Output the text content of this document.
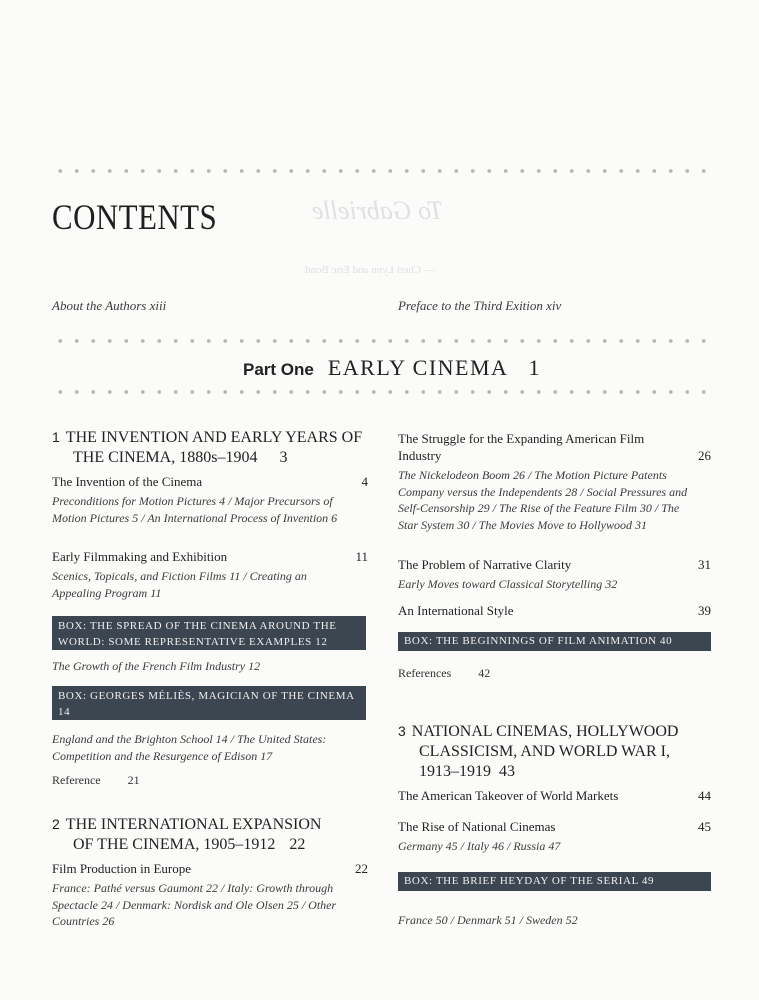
To Gabrielle
— Cheri Lynn and Eric Bond
CONTENTS
About the Authors xiii	Preface to the Third Exition xiv
Part One EARLY CINEMA 1
1 THE INVENTION AND EARLY YEARS OF
THE CINEMA, 1880s–1904 3
The Invention of the Cinema	4
Preconditions for Motion Pictures 4 / Major Precursors of Motion Pictures 5 / An International Process of Invention 6
Early Filmmaking and Exhibition	11
Scenics, Topicals, and Fiction Films 11 / Creating an Appealing Program 11
BOX: THE SPREAD OF THE CINEMA AROUND THE WORLD: SOME REPRESENTATIVE EXAMPLES 12
The Growth of the French Film Industry 12
BOX: GEORGES MÉLIÈS, MAGICIAN OF THE CINEMA 14
England and the Brighton School 14 / The United States: Competition and the Resurgence of Edison 17
Reference 21
2 THE INTERNATIONAL EXPANSION
OF THE CINEMA, 1905–1912 22
Film Production in Europe	22
France: Pathé versus Gaumont 22 / Italy: Growth through Spectacle 24 / Denmark: Nordisk and Ole Olsen 25 / Other Countries 26
The Struggle for the Expanding American Film Industry	26
The Nickelodeon Boom 26 / The Motion Picture Patents Company versus the Independents 28 / Social Pressures and Self-Censorship 29 / The Rise of the Feature Film 30 / The Star System 30 / The Movies Move to Hollywood 31
The Problem of Narrative Clarity	31
Early Moves toward Classical Storytelling 32
An International Style	39
BOX: THE BEGINNINGS OF FILM ANIMATION 40
References 42
3 NATIONAL CINEMAS, HOLLYWOOD
CLASSICISM, AND WORLD WAR I,
1913–1919 43
The American Takeover of World Markets	44
The Rise of National Cinemas	45
Germany 45 / Italy 46 / Russia 47
BOX: THE BRIEF HEYDAY OF THE SERIAL 49
France 50 / Denmark 51 / Sweden 52
